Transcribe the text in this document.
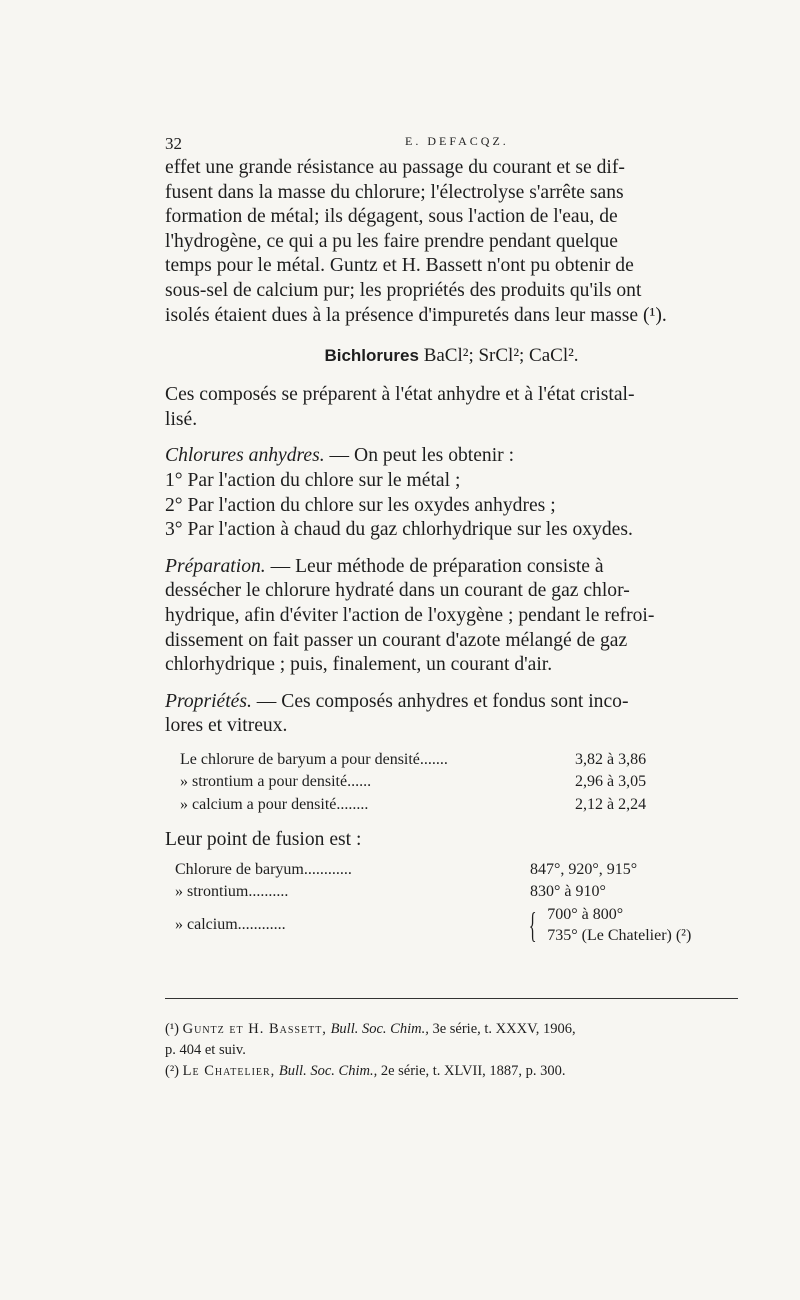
32	E. DEFACQZ.

effet une grande résistance au passage du courant et se dif-

fusent dans la masse du chlorure; l'électrolyse s'arrête sans

formation de métal; ils dégagent, sous l'action de l'eau, de

l'hydrogène, ce qui a pu les faire prendre pendant quelque

temps pour le métal. Guntz et H. Bassett n'ont pu obtenir de

sous-sel de calcium pur; les propriétés des produits qu'ils ont

isolés étaient dues à la présence d'impuretés dans leur masse (¹).

Bichlorures BaCl²; SrCl²; CaCl².

Ces composés se préparent à l'état anhydre et à l'état cristal-

lisé.

Chlorures anhydres. — On peut les obtenir :
1° Par l'action du chlore sur le métal ;
2° Par l'action du chlore sur les oxydes anhydres ;
3° Par l'action à chaud du gaz chlorhydrique sur les oxydes.

Préparation. — Leur méthode de préparation consiste à

dessécher le chlorure hydraté dans un courant de gaz chlor-

hydrique, afin d'éviter l'action de l'oxygène ; pendant le refroi-

dissement on fait passer un courant d'azote mélangé de gaz

chlorhydrique ; puis, finalement, un courant d'air.

Propriétés. — Ces composés anhydres et fondus sont inco-

lores et vitreux.

Le chlorure de baryum a pour densité.......	3,82 à 3,86
» strontium a pour densité......	2,96 à 3,05
» calcium a pour densité........	2,12 à 2,24

Leur point de fusion est :

Chlorure de baryum............	847°, 920°, 915°
» strontium..........	830° à 910°
» calcium............	{ 700° à 800°
735° (Le Chatelier) (²)
(¹) Guntz et H. Bassett, Bull. Soc. Chim., 3e série, t. XXXV, 1906,
p. 404 et suiv.
(²) Le Chatelier, Bull. Soc. Chim., 2e série, t. XLVII, 1887, p. 300.
